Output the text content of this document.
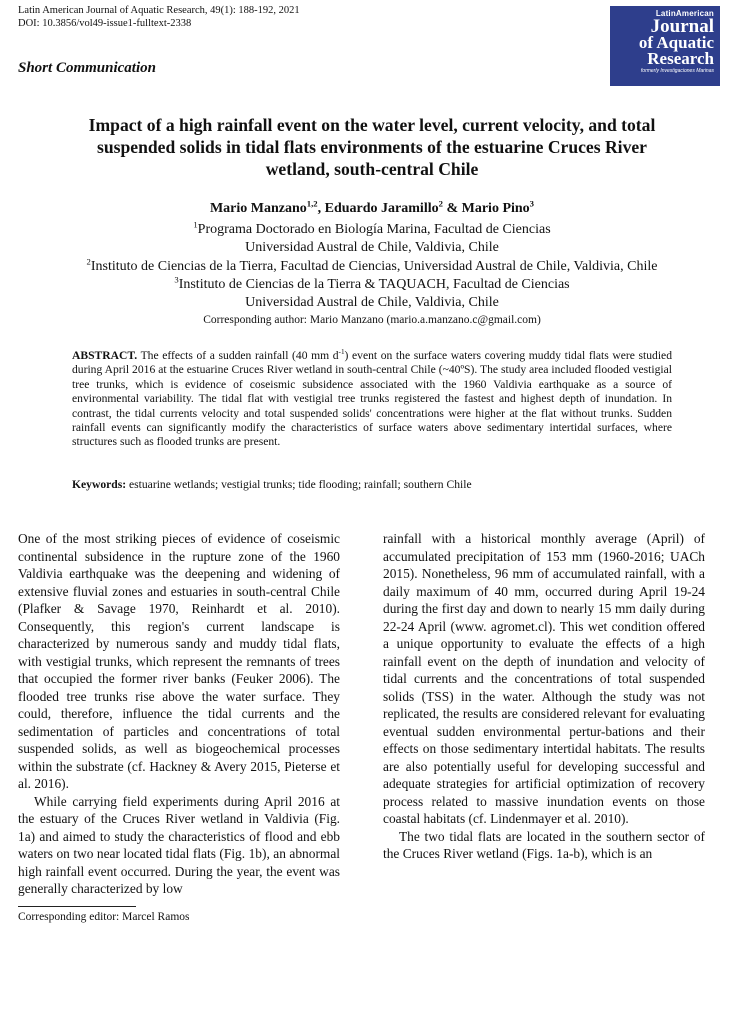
Latin American Journal of Aquatic Research, 49(1): 188-192, 2021
DOI: 10.3856/vol49-issue1-fulltext-2338
Short Communication
LatinAmerican
Journal
of Aquatic
Research
formerly Investigaciones Marinas
Impact of a high rainfall event on the water level, current velocity, and total
suspended solids in tidal flats environments of the estuarine Cruces River
wetland, south-central Chile
Mario Manzano$^{1,2}$, Eduardo Jaramillo$^2$ & Mario Pino$^3$
$^1$Programa Doctorado en Biología Marina, Facultad de Ciencias
Universidad Austral de Chile, Valdivia, Chile
$^2$Instituto de Ciencias de la Tierra, Facultad de Ciencias, Universidad Austral de Chile, Valdivia, Chile
$^3$Instituto de Ciencias de la Tierra & TAQUACH, Facultad de Ciencias
Universidad Austral de Chile, Valdivia, Chile
Corresponding author: Mario Manzano (mario.a.manzano.c@gmail.com)
ABSTRACT. The effects of a sudden rainfall (40 mm $d^{-1}$) event on the surface waters covering muddy tidal flats were studied during April 2016 at the estuarine Cruces River wetland in south-central Chile (~40ºS). The study area included flooded vestigial tree trunks, which is evidence of coseismic subsidence associated with the 1960 Valdivia earthquake as a source of environmental variability. The tidal flat with vestigial tree trunks registered the fastest and highest depth of inundation. In contrast, the tidal currents velocity and total suspended solids' concentrations were higher at the flat without trunks. Sudden rainfall events can significantly modify the characteristics of surface waters above sedimentary intertidal surfaces, where structures such as flooded trunks are present.
Keywords: estuarine wetlands; vestigial trunks; tide flooding; rainfall; southern Chile

One of the most striking pieces of evidence of coseismic continental subsidence in the rupture zone of the 1960 Valdivia earthquake was the deepening and widening of extensive fluvial zones and estuaries in south-central Chile (Plafker & Savage 1970, Reinhardt et al. 2010). Consequently, this region's current landscape is characterized by numerous sandy and muddy tidal flats, with vestigial trunks, which represent the remnants of trees that occupied the former river banks (Feuker 2006). The flooded tree trunks rise above the water surface. They could, therefore, influence the tidal currents and the sedimentation of particles and concentrations of total suspended solids, as well as biogeochemical processes within the substrate (cf. Hackney & Avery 2015, Pieterse et al. 2016).

While carrying field experiments during April 2016 at the estuary of the Cruces River wetland in Valdivia (Fig. 1a) and aimed to study the characteristics of flood and ebb waters on two near located tidal flats (Fig. 1b), an abnormal high rainfall event occurred. During the year, the event was generally characterized by low

rainfall with a historical monthly average (April) of accumulated precipitation of 153 mm (1960-2016; UACh 2015). Nonetheless, 96 mm of accumulated rainfall, with a daily maximum of 40 mm, occurred during April 19-24 during the first day and down to nearly 15 mm daily during 22-24 April (www. agromet.cl). This wet condition offered a unique opportunity to evaluate the effects of a high rainfall event on the depth of inundation and velocity of tidal currents and the concentrations of total suspended solids (TSS) in the water. Although the study was not replicated, the results are considered relevant for evaluating eventual sudden environmental pertur-bations and their effects on those sedimentary intertidal habitats. The results are also potentially useful for developing successful and adequate strategies for artificial optimization of recovery process related to massive inundation events on those coastal habitats (cf. Lindenmayer et al. 2010).

The two tidal flats are located in the southern sector of the Cruces River wetland (Figs. 1a-b), which is an

Corresponding editor: Marcel Ramos
